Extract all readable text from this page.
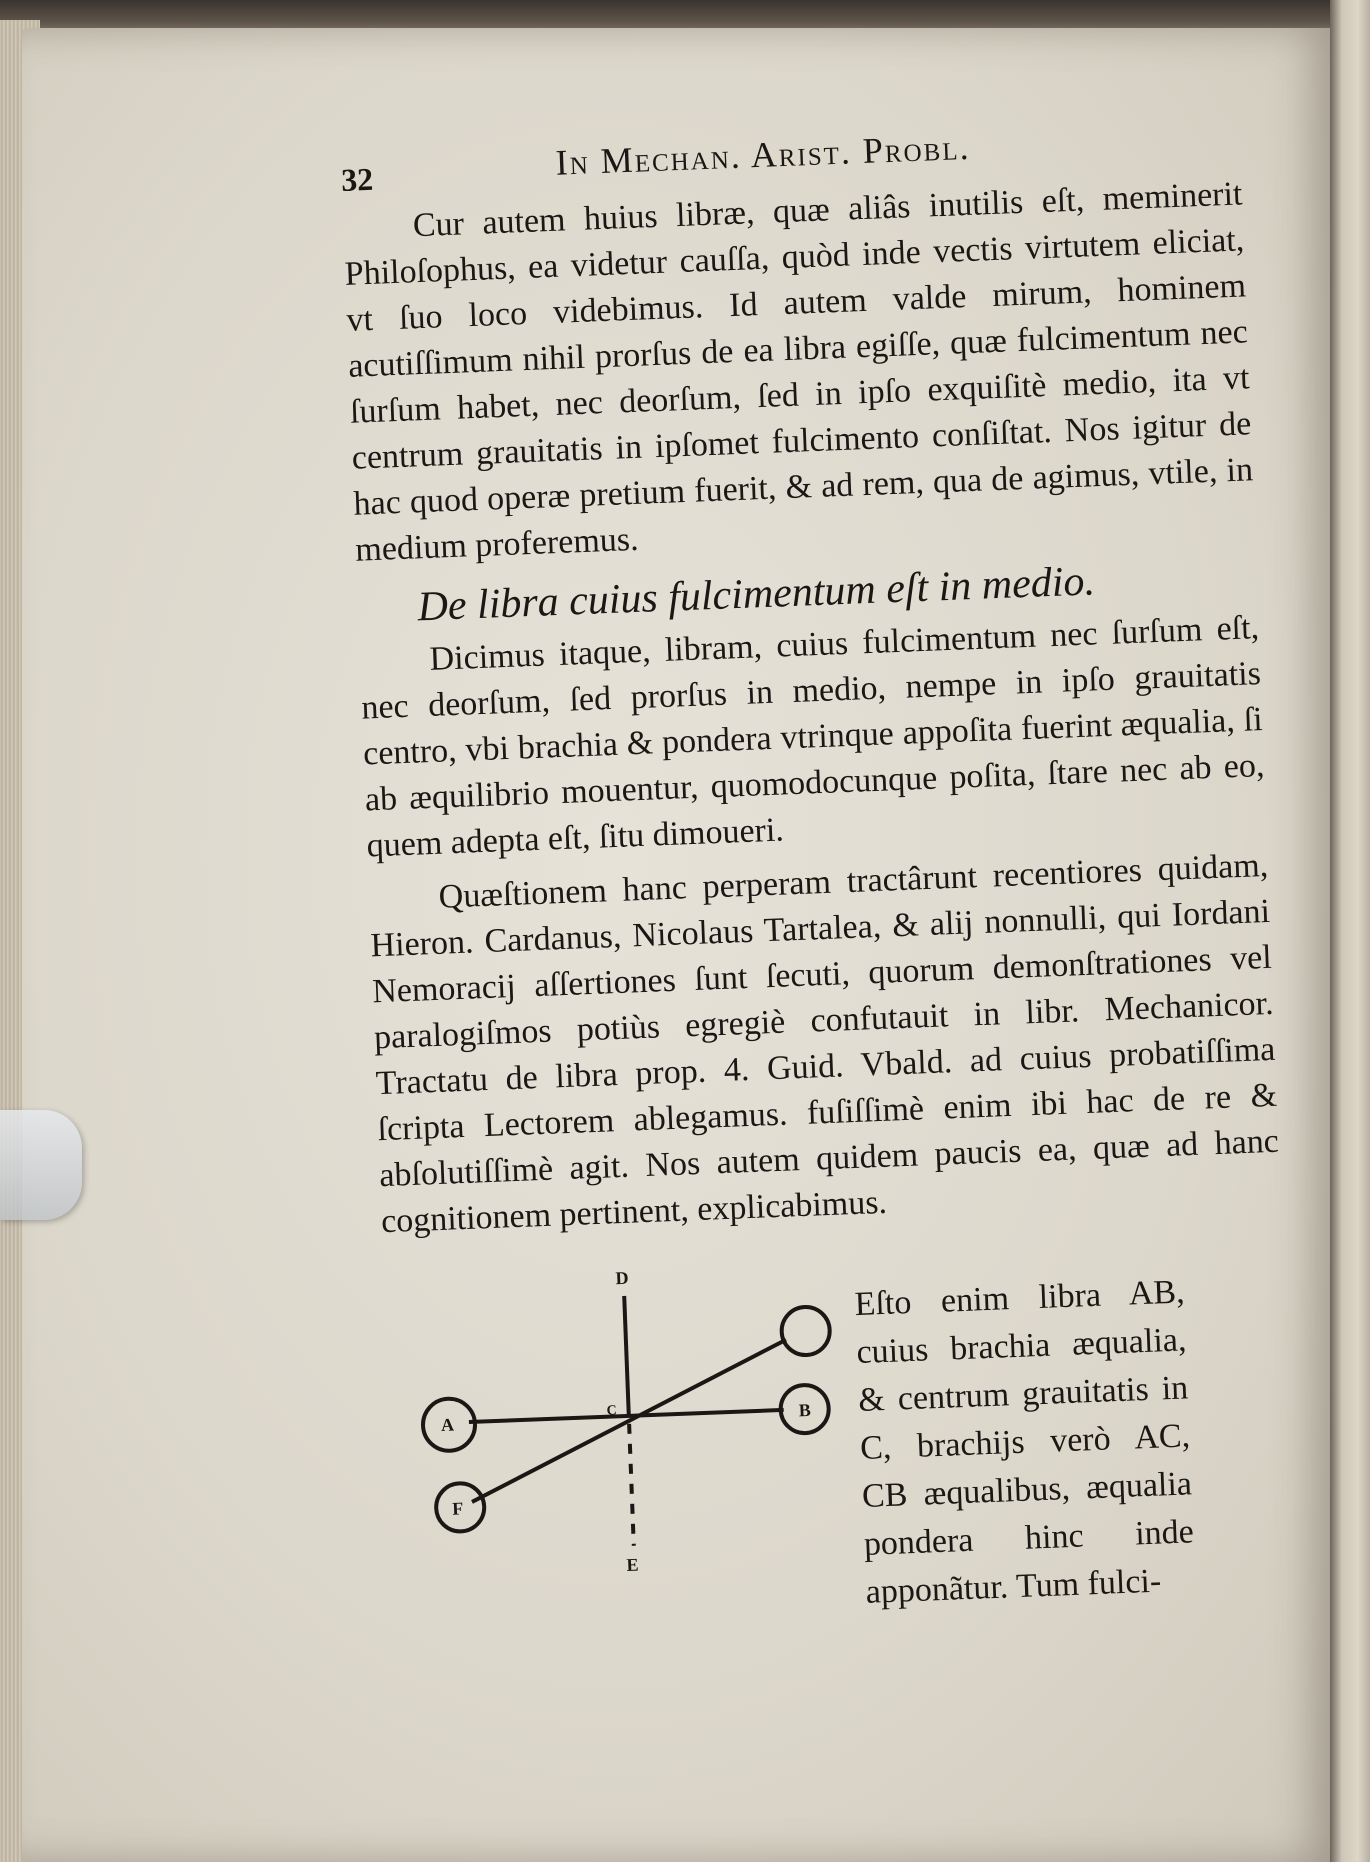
32	In Mechan. Arist. Probl.

Cur autem huius libræ, quæ aliâs inutilis eſt, meminerit Philoſophus, ea videtur cauſſa, quòd inde vectis virtutem eliciat, vt ſuo loco videbimus. Id autem valde mirum, hominem acutiſſimum nihil prorſus de ea libra egiſſe, quæ fulcimentum nec ſurſum habet, nec deorſum, ſed in ipſo exquiſitè medio, ita vt centrum grauitatis in ipſomet fulcimento conſiſtat. Nos igitur de hac quod operæ pretium fuerit, & ad rem, qua de agimus, vtile, in medium proferemus.

De libra cuius fulcimentum eſt in medio.

Dicimus itaque, libram, cuius fulcimentum nec ſurſum eſt, nec deorſum, ſed prorſus in medio, nempe in ipſo grauitatis centro, vbi brachia & pondera vtrinque appoſita fuerint æqualia, ſi ab æquilibrio mouentur, quomodocunque poſita, ſtare nec ab eo, quem adepta eſt, ſitu dimoueri.

Quæſtionem hanc perperam tractârunt recentiores quidam, Hieron. Cardanus, Nicolaus Tartalea, & alij nonnulli, qui Iordani Nemoracij aſſertiones ſunt ſecuti, quorum demonſtrationes vel paralogiſmos potiùs egregiè confutauit in libr. Mechanicor. Tractatu de libra prop. 4. Guid. Vbald. ad cuius probatiſſima ſcripta Lectorem ablegamus. fuſiſſimè enim ibi hac de re & abſolutiſſimè agit. Nos autem quidem paucis ea, quæ ad hanc cognitionem pertinent, explicabimus.

D
A
C	B
F
E

Eſto enim libra AB, cuius brachia æqualia, & centrum grauitatis in C, brachijs verò AC, CB æqualibus, æqualia pondera hinc inde apponãtur. Tum fulci-
